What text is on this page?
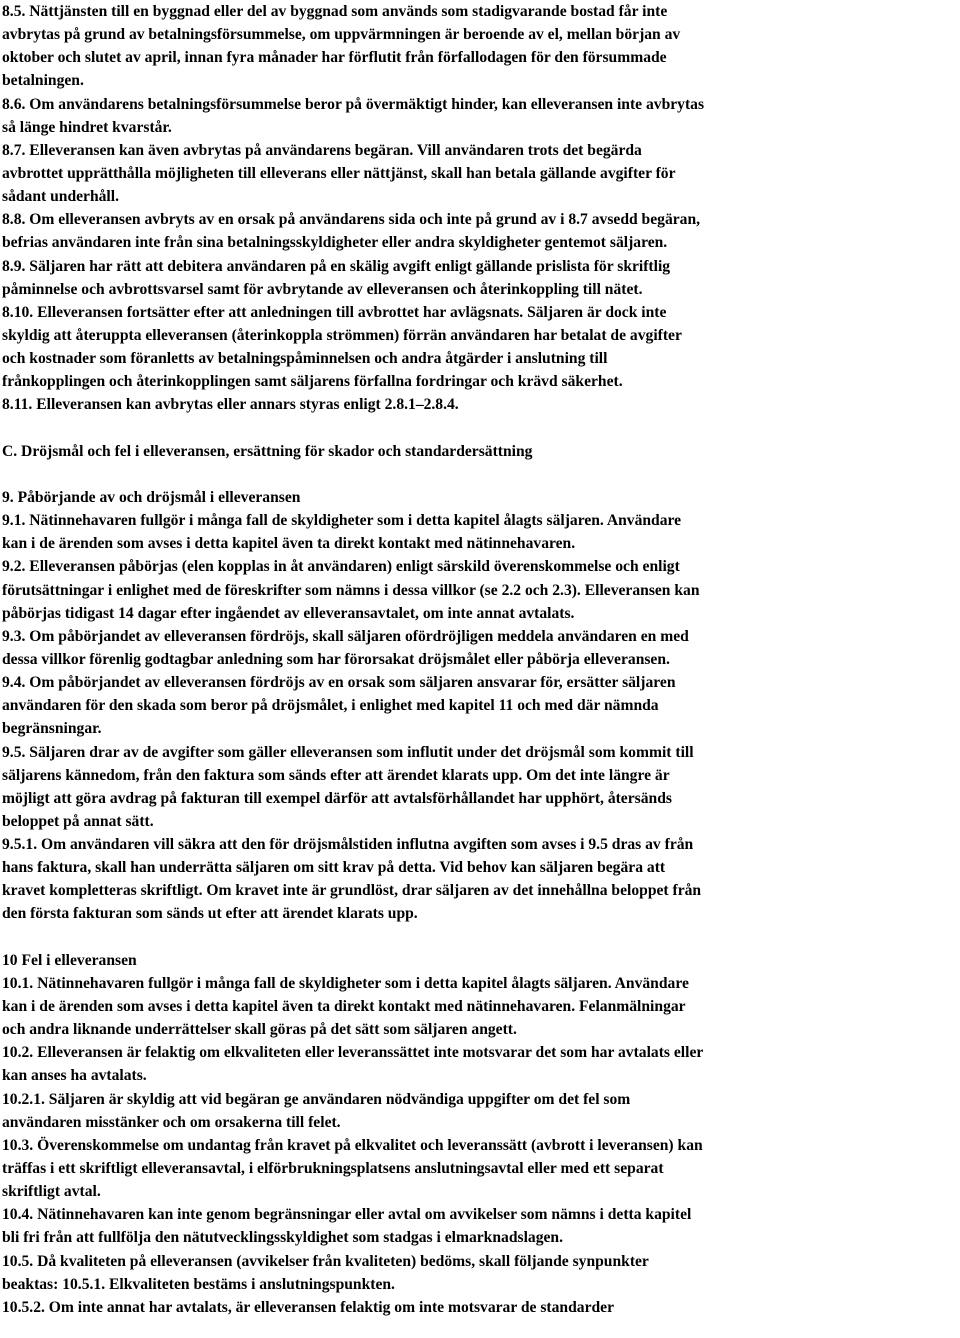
8.5. Nättjänsten till en byggnad eller del av byggnad som används som stadigvarande bostad får inte
avbrytas på grund av betalningsförsummelse, om uppvärmningen är beroende av el, mellan början av
oktober och slutet av april, innan fyra månader har förflutit från förfallodagen för den försummade
betalningen.
8.6. Om användarens betalningsförsummelse beror på övermäktigt hinder, kan elleveransen inte avbrytas
så länge hindret kvarstår.
8.7. Elleveransen kan även avbrytas på användarens begäran. Vill användaren trots det begärda
avbrottet upprätthålla möjligheten till elleverans eller nättjänst, skall han betala gällande avgifter för
sådant underhåll.
8.8. Om elleveransen avbryts av en orsak på användarens sida och inte på grund av i 8.7 avsedd begäran,
befrias användaren inte från sina betalningsskyldigheter eller andra skyldigheter gentemot säljaren.
8.9. Säljaren har rätt att debitera användaren på en skälig avgift enligt gällande prislista för skriftlig
påminnelse och avbrottsvarsel samt för avbrytande av elleveransen och återinkoppling till nätet.
8.10. Elleveransen fortsätter efter att anledningen till avbrottet har avlägsnats. Säljaren är dock inte
skyldig att återuppta elleveransen (återinkoppla strömmen) förrän användaren har betalat de avgifter
och kostnader som föranletts av betalningspåminnelsen och andra åtgärder i anslutning till
frånkopplingen och återinkopplingen samt säljarens förfallna fordringar och krävd säkerhet.
8.11. Elleveransen kan avbrytas eller annars styras enligt 2.8.1–2.8.4.
C. Dröjsmål och fel i elleveransen, ersättning för skador och standardersättning
9. Påbörjande av och dröjsmål i elleveransen
9.1. Nätinnehavaren fullgör i många fall de skyldigheter som i detta kapitel ålagts säljaren. Användare
kan i de ärenden som avses i detta kapitel även ta direkt kontakt med nätinnehavaren.
9.2. Elleveransen påbörjas (elen kopplas in åt användaren) enligt särskild överenskommelse och enligt
förutsättningar i enlighet med de föreskrifter som nämns i dessa villkor (se 2.2 och 2.3). Elleveransen kan
påbörjas tidigast 14 dagar efter ingåendet av elleveransavtalet, om inte annat avtalats.
9.3. Om påbörjandet av elleveransen fördröjs, skall säljaren ofördröjligen meddela användaren en med
dessa villkor förenlig godtagbar anledning som har förorsakat dröjsmålet eller påbörja elleveransen.
9.4. Om påbörjandet av elleveransen fördröjs av en orsak som säljaren ansvarar för, ersätter säljaren
användaren för den skada som beror på dröjsmålet, i enlighet med kapitel 11 och med där nämnda
begränsningar.
9.5. Säljaren drar av de avgifter som gäller elleveransen som influtit under det dröjsmål som kommit till
säljarens kännedom, från den faktura som sänds efter att ärendet klarats upp. Om det inte längre är
möjligt att göra avdrag på fakturan till exempel därför att avtalsförhållandet har upphört, återsänds
beloppet på annat sätt.
9.5.1. Om användaren vill säkra att den för dröjsmålstiden influtna avgiften som avses i 9.5 dras av från
hans faktura, skall han underrätta säljaren om sitt krav på detta. Vid behov kan säljaren begära att
kravet kompletteras skriftligt. Om kravet inte är grundlöst, drar säljaren av det innehållna beloppet från
den första fakturan som sänds ut efter att ärendet klarats upp.
10 Fel i elleveransen
10.1. Nätinnehavaren fullgör i många fall de skyldigheter som i detta kapitel ålagts säljaren. Användare
kan i de ärenden som avses i detta kapitel även ta direkt kontakt med nätinnehavaren. Felanmälningar
och andra liknande underrättelser skall göras på det sätt som säljaren angett.
10.2. Elleveransen är felaktig om elkvaliteten eller leveranssättet inte motsvarar det som har avtalats eller
kan anses ha avtalats.
10.2.1. Säljaren är skyldig att vid begäran ge användaren nödvändiga uppgifter om det fel som
användaren misstänker och om orsakerna till felet.
10.3. Överenskommelse om undantag från kravet på elkvalitet och leveranssätt (avbrott i leveransen) kan
träffas i ett skriftligt elleveransavtal, i elförbrukningsplatsens anslutningsavtal eller med ett separat
skriftligt avtal.
10.4. Nätinnehavaren kan inte genom begränsningar eller avtal om avvikelser som nämns i detta kapitel
bli fri från att fullfölja den nätutvecklingsskyldighet som stadgas i elmarknadslagen.
10.5. Då kvaliteten på elleveransen (avvikelser från kvaliteten) bedöms, skall följande synpunkter
beaktas: 10.5.1. Elkvaliteten bestäms i anslutningspunkten.
10.5.2. Om inte annat har avtalats, är elleveransen felaktig om inte motsvarar de standarder
